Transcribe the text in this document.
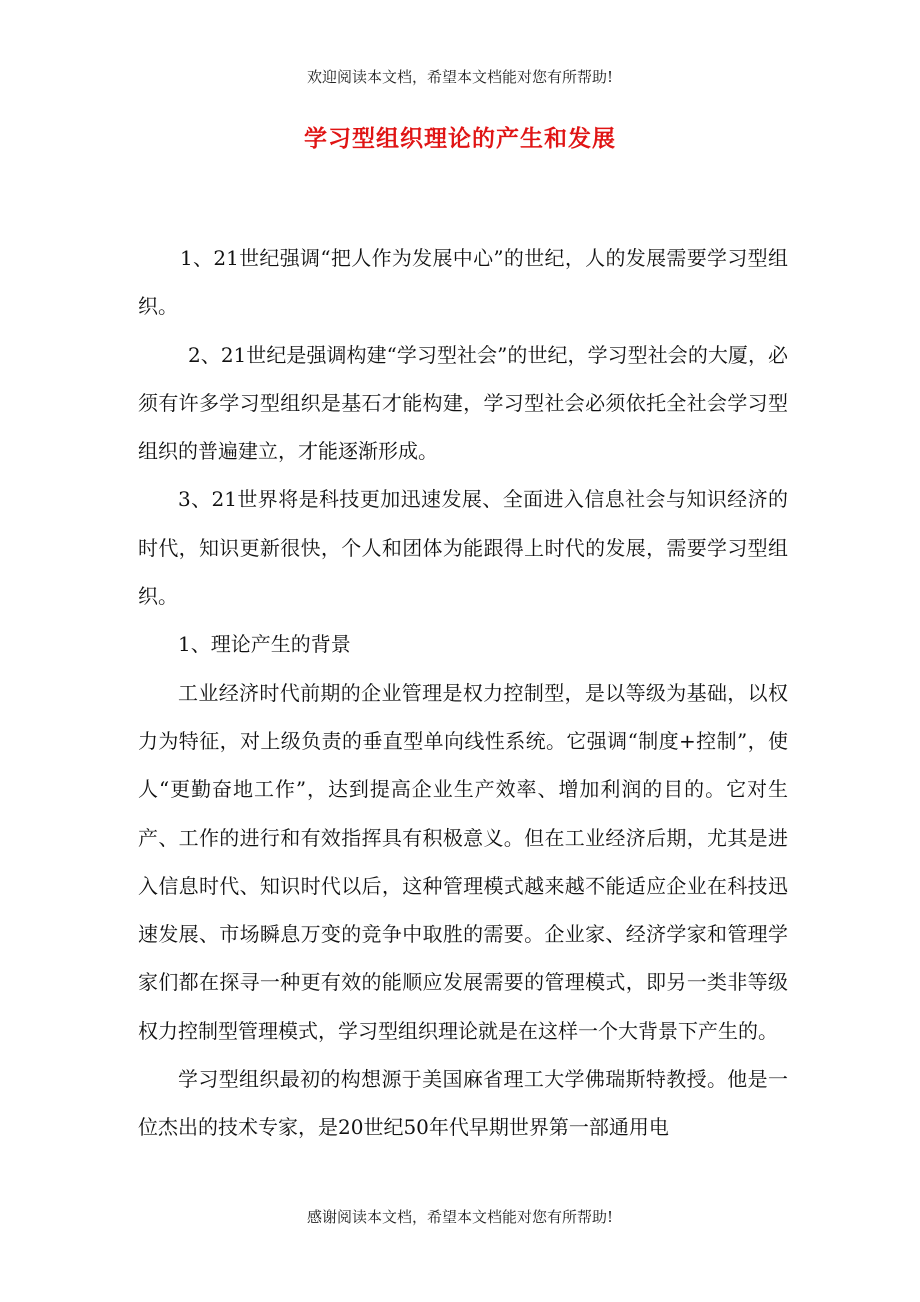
欢迎阅读本文档，希望本文档能对您有所帮助!
学习型组织理论的产生和发展

1、21世纪强调“把人作为发展中心”的世纪，人的发展需要学习型组织。

2、21世纪是强调构建“学习型社会”的世纪，学习型社会的大厦，必须有许多学习型组织是基石才能构建，学习型社会必须依托全社会学习型组织的普遍建立，才能逐渐形成。

3、21世界将是科技更加迅速发展、全面进入信息社会与知识经济的时代，知识更新很快，个人和团体为能跟得上时代的发展，需要学习型组织。

1、理论产生的背景

工业经济时代前期的企业管理是权力控制型，是以等级为基础，以权力为特征，对上级负责的垂直型单向线性系统。它强调“制度+控制”，使人“更勤奋地工作”，达到提高企业生产效率、增加利润的目的。它对生产、工作的进行和有效指挥具有积极意义。但在工业经济后期，尤其是进入信息时代、知识时代以后，这种管理模式越来越不能适应企业在科技迅速发展、市场瞬息万变的竞争中取胜的需要。企业家、经济学家和管理学家们都在探寻一种更有效的能顺应发展需要的管理模式，即另一类非等级权力控制型管理模式，学习型组织理论就是在这样一个大背景下产生的。

学习型组织最初的构想源于美国麻省理工大学佛瑞斯特教授。他是一位杰出的技术专家，是20世纪50年代早期世界第一部通用电

感谢阅读本文档，希望本文档能对您有所帮助!
